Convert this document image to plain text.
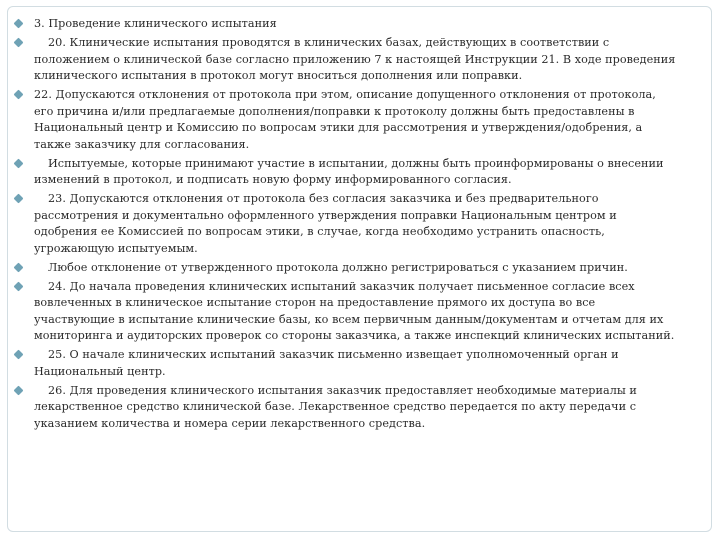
3. Проведение клинического испытания
20. Клинические испытания проводятся в клинических базах, действующих в соответствии с положением о клинической базе согласно приложению 7 к настоящей Инструкции 21. В ходе проведения клинического испытания в протокол могут вноситься дополнения или поправки.
22. Допускаются отклонения от протокола при этом, описание допущенного отклонения от протокола, его причина и/или предлагаемые дополнения/поправки к протоколу должны быть предоставлены в Национальный центр и Комиссию по вопросам этики для рассмотрения и утверждения/одобрения, а также заказчику для согласования.
Испытуемые, которые принимают участие в испытании, должны быть проинформированы о внесении изменений в протокол, и подписать новую форму информированного согласия.
23. Допускаются отклонения от протокола без согласия заказчика и без предварительного рассмотрения и документально оформленного утверждения поправки Национальным центром и одобрения ее Комиссией по вопросам этики, в случае, когда необходимо устранить опасность, угрожающую испытуемым.
Любое отклонение от утвержденного протокола должно регистрироваться с указанием причин.
24. До начала проведения клинических испытаний заказчик получает письменное согласие всех вовлеченных в клиническое испытание сторон на предоставление прямого их доступа во все участвующие в испытание клинические базы, ко всем первичным данным/документам и отчетам для их мониторинга и аудиторских проверок со стороны заказчика, а также инспекций клинических испытаний.
25. О начале клинических испытаний заказчик письменно извещает уполномоченный орган и Национальный центр.
26. Для проведения клинического испытания заказчик предоставляет необходимые материалы и лекарственное средство клинической базе. Лекарственное средство передается по акту передачи с указанием количества и номера серии лекарственного средства.
